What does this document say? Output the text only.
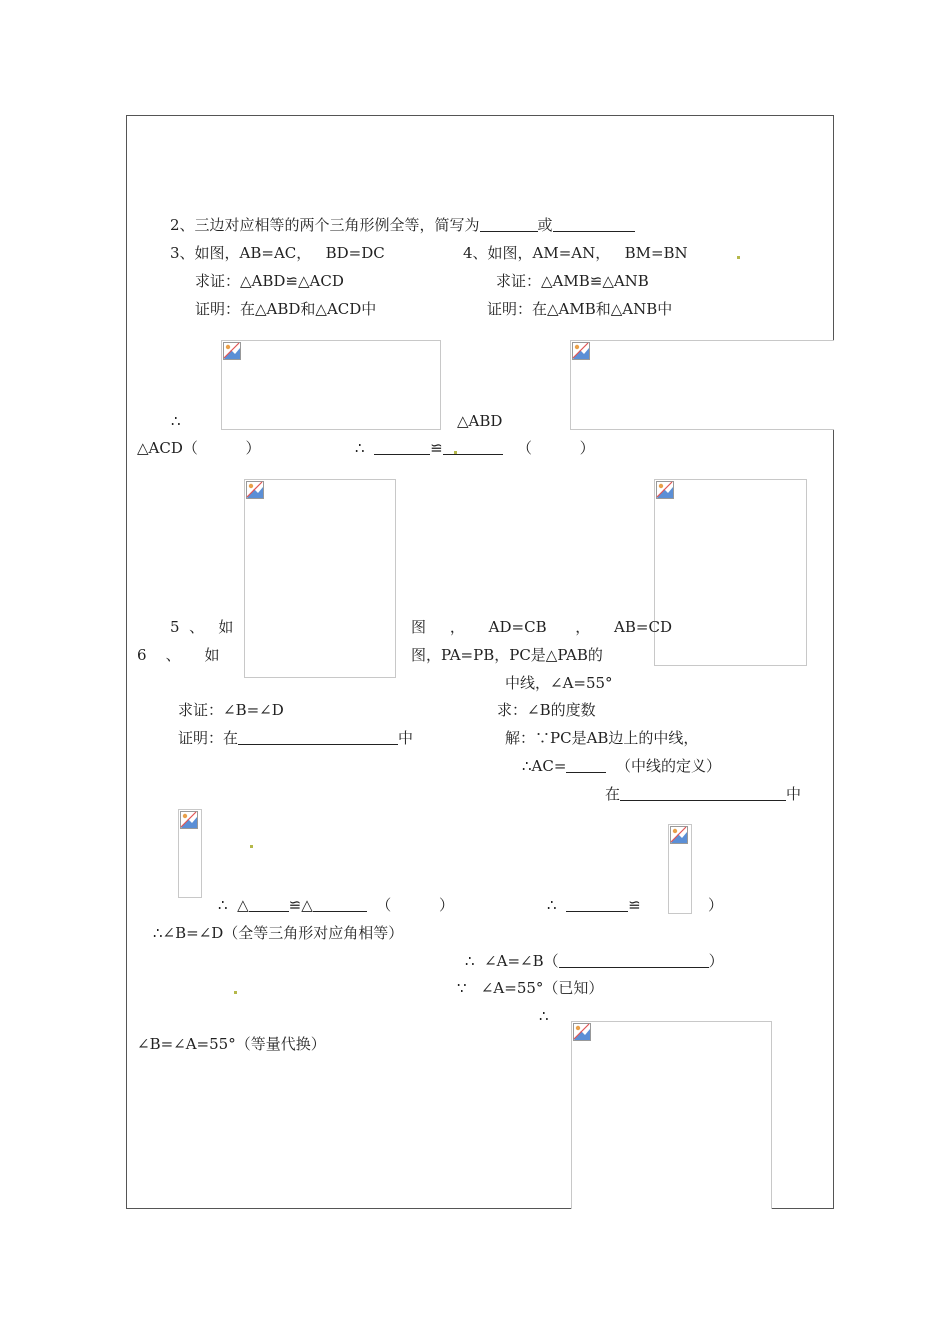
2、三边对应相等的两个三角形例全等，简写为	或
3、如图，AB=AC，   BD=DC	4、如图，AM=AN，   BM=BN
求证：△ABD≌△ACD	求证：△AMB≌△ANB
证明：在△ABD和△ACD中	证明：在△AMB和△ANB中
∴	△ABD
△ACD（          ）	∴	≌	（          ）
5  、   如	图     ，     AD=CB      ，     AB=CD
6    、     如	图，PA=PB，PC是△PAB的
中线，∠A=55°
求证：∠B=∠D	求：∠B的度数
证明：在	中	解：∵PC是AB边上的中线，
∴AC=	（中线的定义）
在	中
∴  △	≌△	（          ）	∴	≌	）
∴∠B=∠D（全等三角形对应角相等）
∴  ∠A=∠B（	）
∵   ∠A=55°（已知）
∴
∠B=∠A=55°（等量代换）
